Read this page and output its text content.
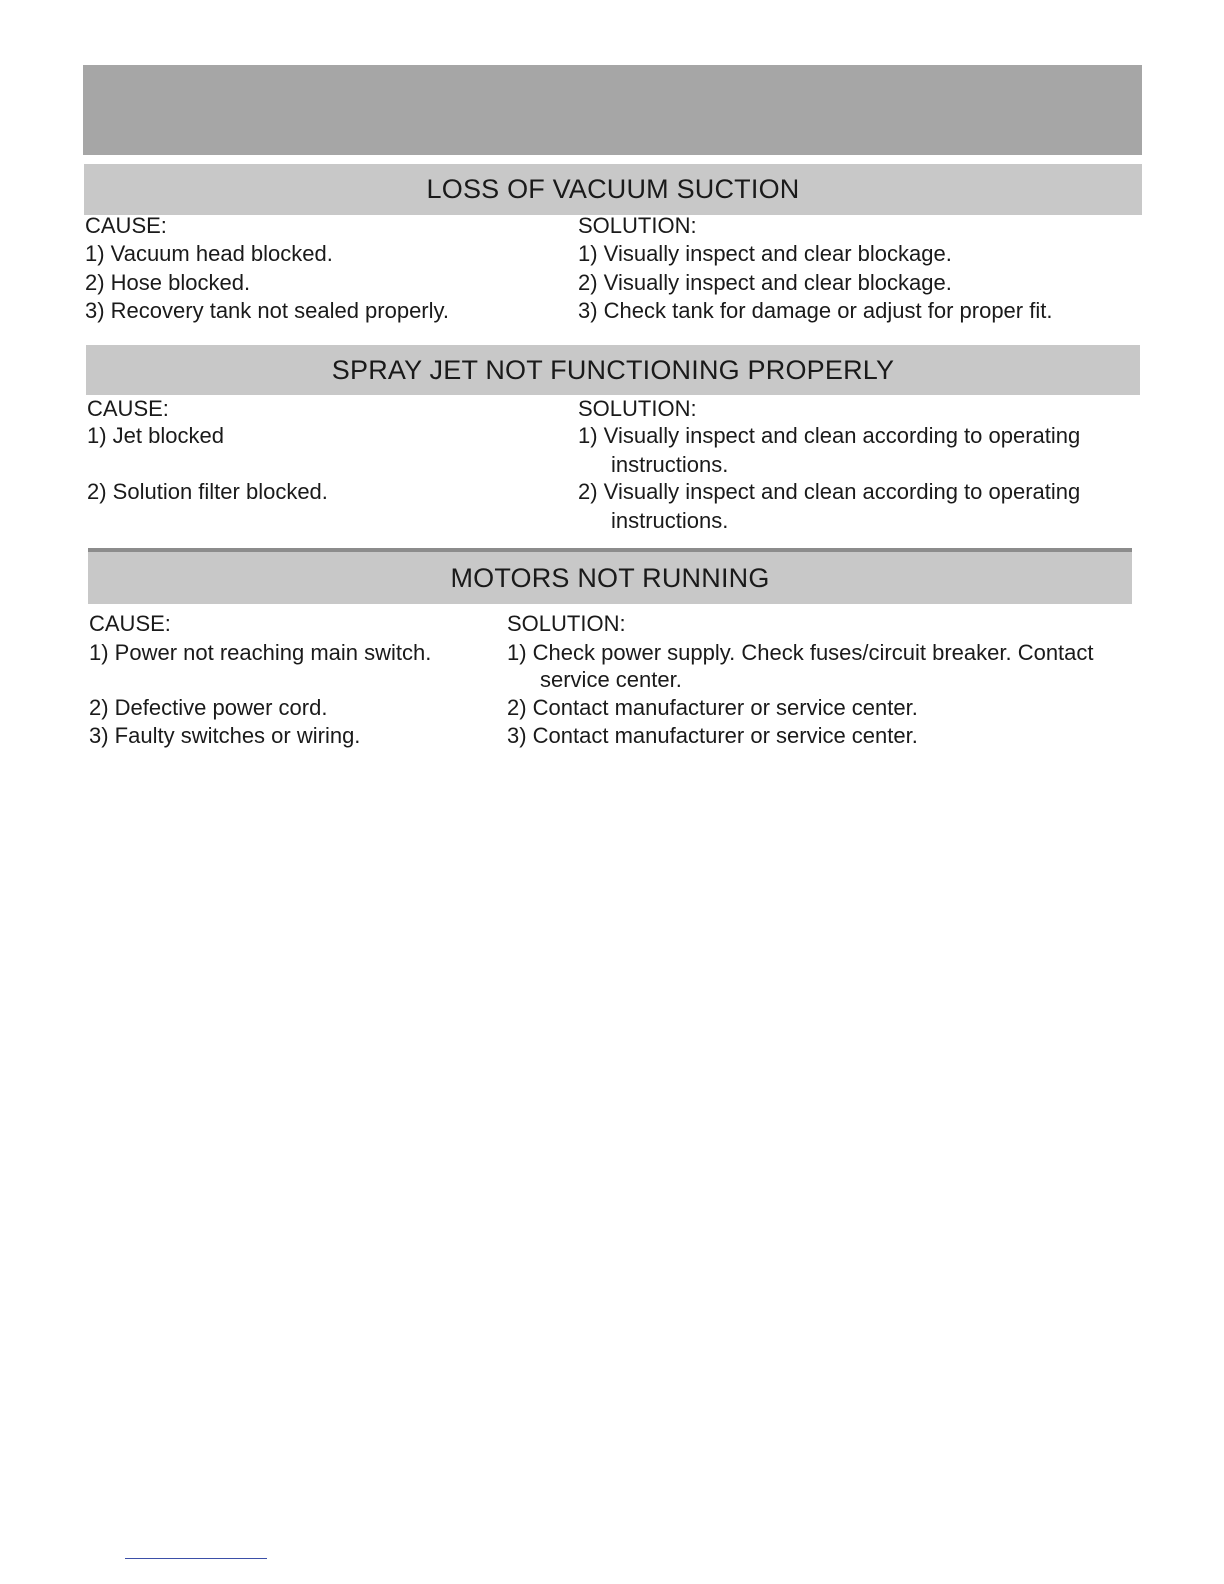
LOSS OF VACUUM SUCTION
CAUSE:	SOLUTION:
1) Vacuum head blocked.	1) Visually inspect and clear blockage.
2) Hose blocked.	2) Visually inspect and clear blockage.
3) Recovery tank not sealed properly.	3) Check tank for damage or adjust for proper fit.
SPRAY JET NOT FUNCTIONING PROPERLY
CAUSE:	SOLUTION:
1) Jet blocked	1) Visually inspect and clean according to operating
instructions.
2) Solution filter blocked.	2) Visually inspect and clean according to operating
instructions.
MOTORS NOT RUNNING
CAUSE:	SOLUTION:
1) Power not reaching main switch.	1) Check power supply. Check fuses/circuit breaker. Contact
service center.
2) Defective power cord.	2) Contact manufacturer or service center.
3) Faulty switches or wiring.	3) Contact manufacturer or service center.
